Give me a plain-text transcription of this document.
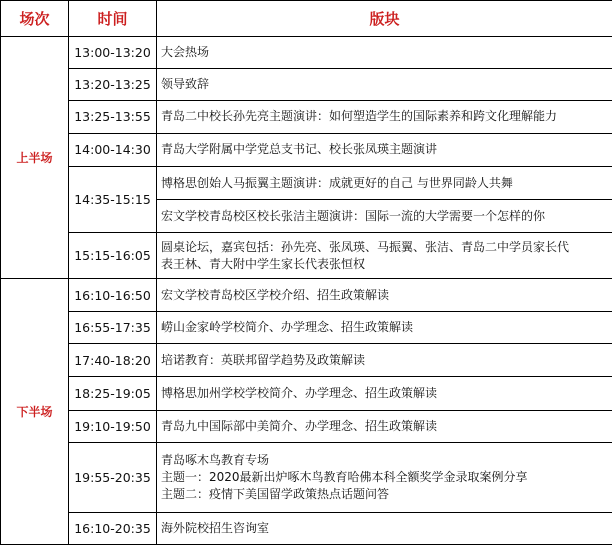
场次	时间	版块
上半场	13:00-13:20	大会热场

	13:20-13:25	领导致辞

	13:25-13:55	青岛二中校长孙先亮主题演讲：如何塑造学生的国际素养和跨文化理解能力

	14:00-14:30	青岛大学附属中学党总支书记、校长张凤瑛主题演讲

	14:35-15:15	博格思创始人马振翼主题演讲：成就更好的自己 与世界同龄人共舞

		宏文学校青岛校区校长张洁主题演讲：国际一流的大学需要一个怎样的你

	15:15-16:05	圆桌论坛，嘉宾包括：孙先亮、张凤瑛、马振翼、张洁、青岛二中学员家长代
表王林、青大附中学生家长代表张恒权

下半场	16:10-16:50	宏文学校青岛校区学校介绍、招生政策解读

	16:55-17:35	崂山金家岭学校简介、办学理念、招生政策解读

	17:40-18:20	培诺教育：英联邦留学趋势及政策解读

	18:25-19:05	博格思加州学校学校简介、办学理念、招生政策解读

	19:10-19:50	青岛九中国际部中美简介、办学理念、招生政策解读

	19:55-20:35	青岛啄木鸟教育专场
主题一：2020最新出炉啄木鸟教育哈佛本科全额奖学金录取案例分享
主题二：疫情下美国留学政策热点话题问答

	16:10-20:35	海外院校招生咨询室
